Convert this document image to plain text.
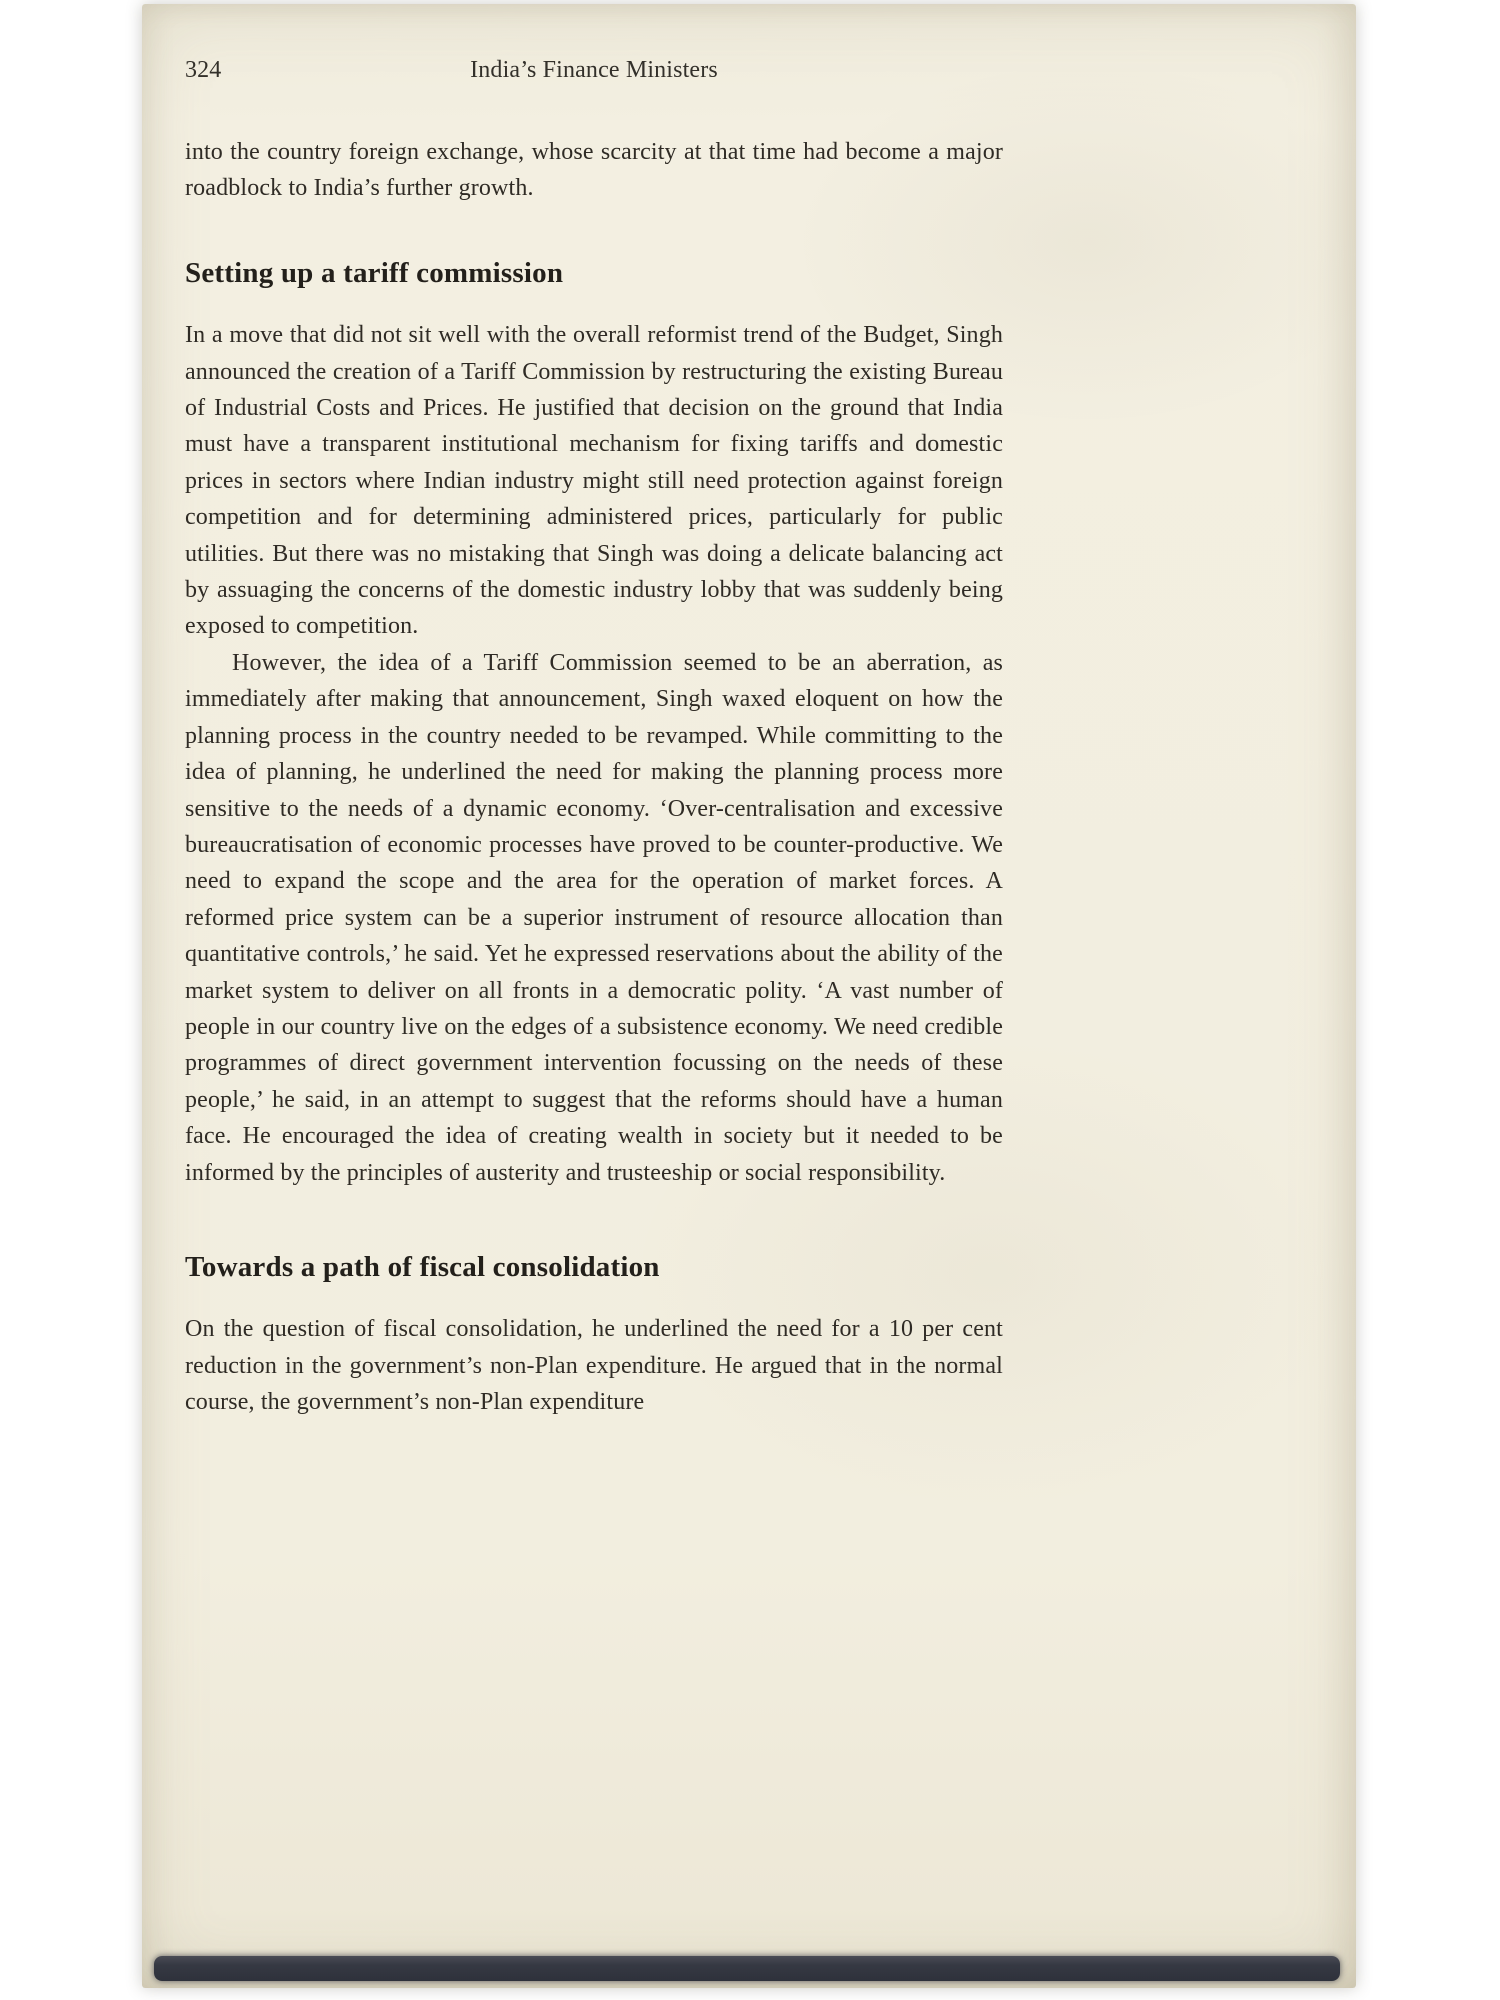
324	India’s Finance Ministers

into the country foreign exchange, whose scarcity at that time had become a major roadblock to India’s further growth.

Setting up a tariff commission

In a move that did not sit well with the overall reformist trend of the Budget, Singh announced the creation of a Tariff Commission by restructuring the existing Bureau of Industrial Costs and Prices. He justified that decision on the ground that India must have a transparent institutional mechanism for fixing tariffs and domestic prices in sectors where Indian industry might still need protection against foreign competition and for determining administered prices, particularly for public utilities. But there was no mistaking that Singh was doing a delicate balancing act by assuaging the concerns of the domestic industry lobby that was suddenly being exposed to competition.

However, the idea of a Tariff Commission seemed to be an aberration, as immediately after making that announcement, Singh waxed eloquent on how the planning process in the country needed to be revamped. While committing to the idea of planning, he underlined the need for making the planning process more sensitive to the needs of a dynamic economy. ‘Over-centralisation and excessive bureaucratisation of economic processes have proved to be counter-productive. We need to expand the scope and the area for the operation of market forces. A reformed price system can be a superior instrument of resource allocation than quantitative controls,’ he said. Yet he expressed reservations about the ability of the market system to deliver on all fronts in a democratic polity. ‘A vast number of people in our country live on the edges of a subsistence economy. We need credible programmes of direct government intervention focussing on the needs of these people,’ he said, in an attempt to suggest that the reforms should have a human face. He encouraged the idea of creating wealth in society but it needed to be informed by the principles of austerity and trusteeship or social responsibility.

Towards a path of fiscal consolidation

On the question of fiscal consolidation, he underlined the need for a 10 per cent reduction in the government’s non-Plan expenditure. He argued that in the normal course, the government’s non-Plan expenditure
